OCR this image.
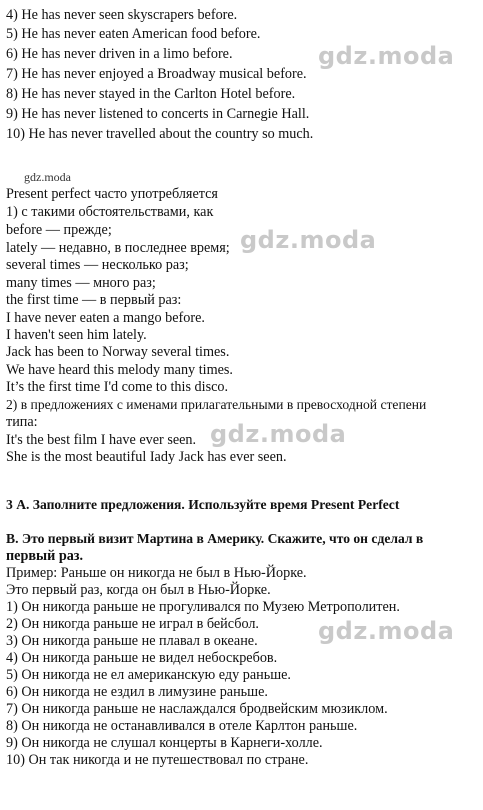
4) He has never seen skyscrapers before.
5) He has never eaten American food before.
6) He has never driven in a limo before.
7) He has never enjoyed a Broadway musical before.
8) He has never stayed in the Carlton Hotel before.
9) He has never listened to concerts in Carnegie Hall.
10) He has never travelled about the country so much.
gdz.moda
Present perfect часто употребляется
1) с такими обстоятельствами, как
before — прежде;
lately — недавно, в последнее время;
several times — несколько раз;
many times — много раз;
the first time — в первый раз:
I have never eaten a mango before.
I haven't seen him lately.
Jack has been to Norway several times.
We have heard this melody many times.
It’s the first time I'd come to this disco.
2) в предложениях с именами прилагательными в превосходной степени
типа:
It's the best film I have ever seen.
She is the most beautiful Iady Jack has ever seen.
3 А. Заполните предложения. Используйте время Present Perfect
В. Это первый визит Мартина в Америку. Скажите, что он сделал в
первый раз.
Пример: Раньше он никогда не был в Нью-Йорке.
Это первый раз, когда он был в Нью-Йорке.
1) Он никогда раньше не прогуливался по Музею Метрополитен.
2) Он никогда раньше не играл в бейсбол.
3) Он никогда раньше не плавал в океане.
4) Он никогда раньше не видел небоскребов.
5) Он никогда не ел американскую еду раньше.
6) Он никогда не ездил в лимузине раньше.
7) Он никогда раньше не наслаждался бродвейским мюзиклом.
8) Он никогда не останавливался в отеле Карлтон раньше.
9) Он никогда не слушал концерты в Карнеги-холле.
10) Он так никогда и не путешествовал по стране.
gdz.moda
gdz.moda
gdz.moda
gdz.moda
